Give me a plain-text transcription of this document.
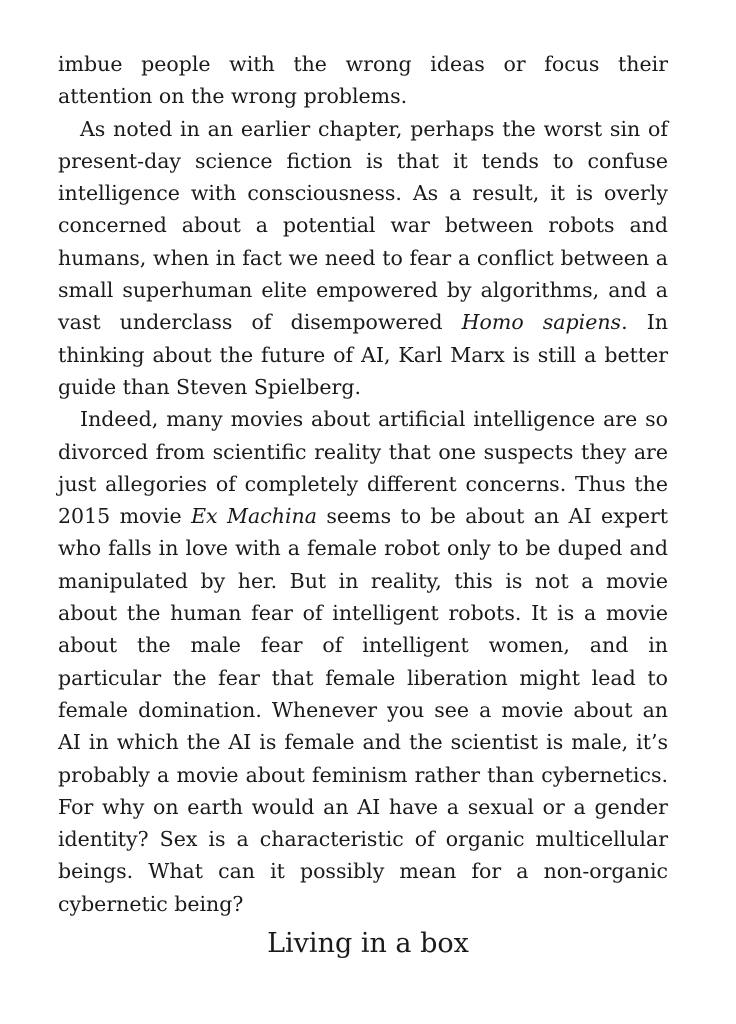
imbue people with the wrong ideas or focus their attention on the wrong problems.

As noted in an earlier chapter, perhaps the worst sin of present-day science fiction is that it tends to confuse intelligence with consciousness. As a result, it is overly concerned about a potential war between robots and humans, when in fact we need to fear a conflict between a small superhuman elite empowered by algorithms, and a vast underclass of disempowered Homo sapiens. In thinking about the future of AI, Karl Marx is still a better guide than Steven Spielberg.

Indeed, many movies about artificial intelligence are so divorced from scientific reality that one suspects they are just allegories of completely different concerns. Thus the 2015 movie Ex Machina seems to be about an AI expert who falls in love with a female robot only to be duped and manipulated by her. But in reality, this is not a movie about the human fear of intelligent robots. It is a movie about the male fear of intelligent women, and in particular the fear that female liberation might lead to female domination. Whenever you see a movie about an AI in which the AI is female and the scientist is male, it’s probably a movie about feminism rather than cybernetics. For why on earth would an AI have a sexual or a gender identity? Sex is a characteristic of organic multicellular beings. What can it possibly mean for a non-organic cybernetic being?

Living in a box
